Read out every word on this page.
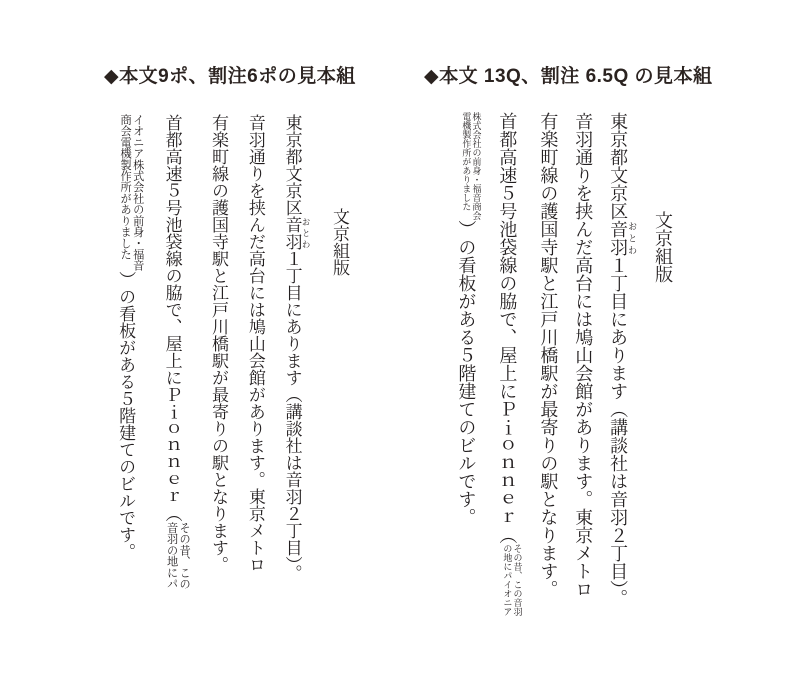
◆本文9ポ、割注6ポの見本組	◆本文 13Q、割注 6.5Q の見本組

文京組版

東京都文京区音羽 おとわ１丁目にあります（講談社は音羽２丁目）。

音羽通りを挟んだ高台には鳩山会館があります。東京メトロ

有楽町線の護国寺駅と江戸川橋駅が最寄りの駅となります。

首都高速５号池袋線の脇で、屋上にＰｉｏｎｎｅｒ（
その昔、この
音羽の地にパ

イオニア株式会社の前身・福音
商会電機製作所がありました
）の看板がある５階建てのビルです。

文京組版

東京都文京区音羽 おとわ１丁目にあります（講談社は音羽２丁目）。

音羽通りを挟んだ高台には鳩山会館があります。東京メトロ

有楽町線の護国寺駅と江戸川橋駅が最寄りの駅となります。

首都高速５号池袋線の脇で、屋上にＰｉｏｎｎｅｒ（
その昔、この音羽
の地にパイオニア

株式会社の前身・福音商会
電機製作所がありました
）の看板がある５階建てのビルです。
